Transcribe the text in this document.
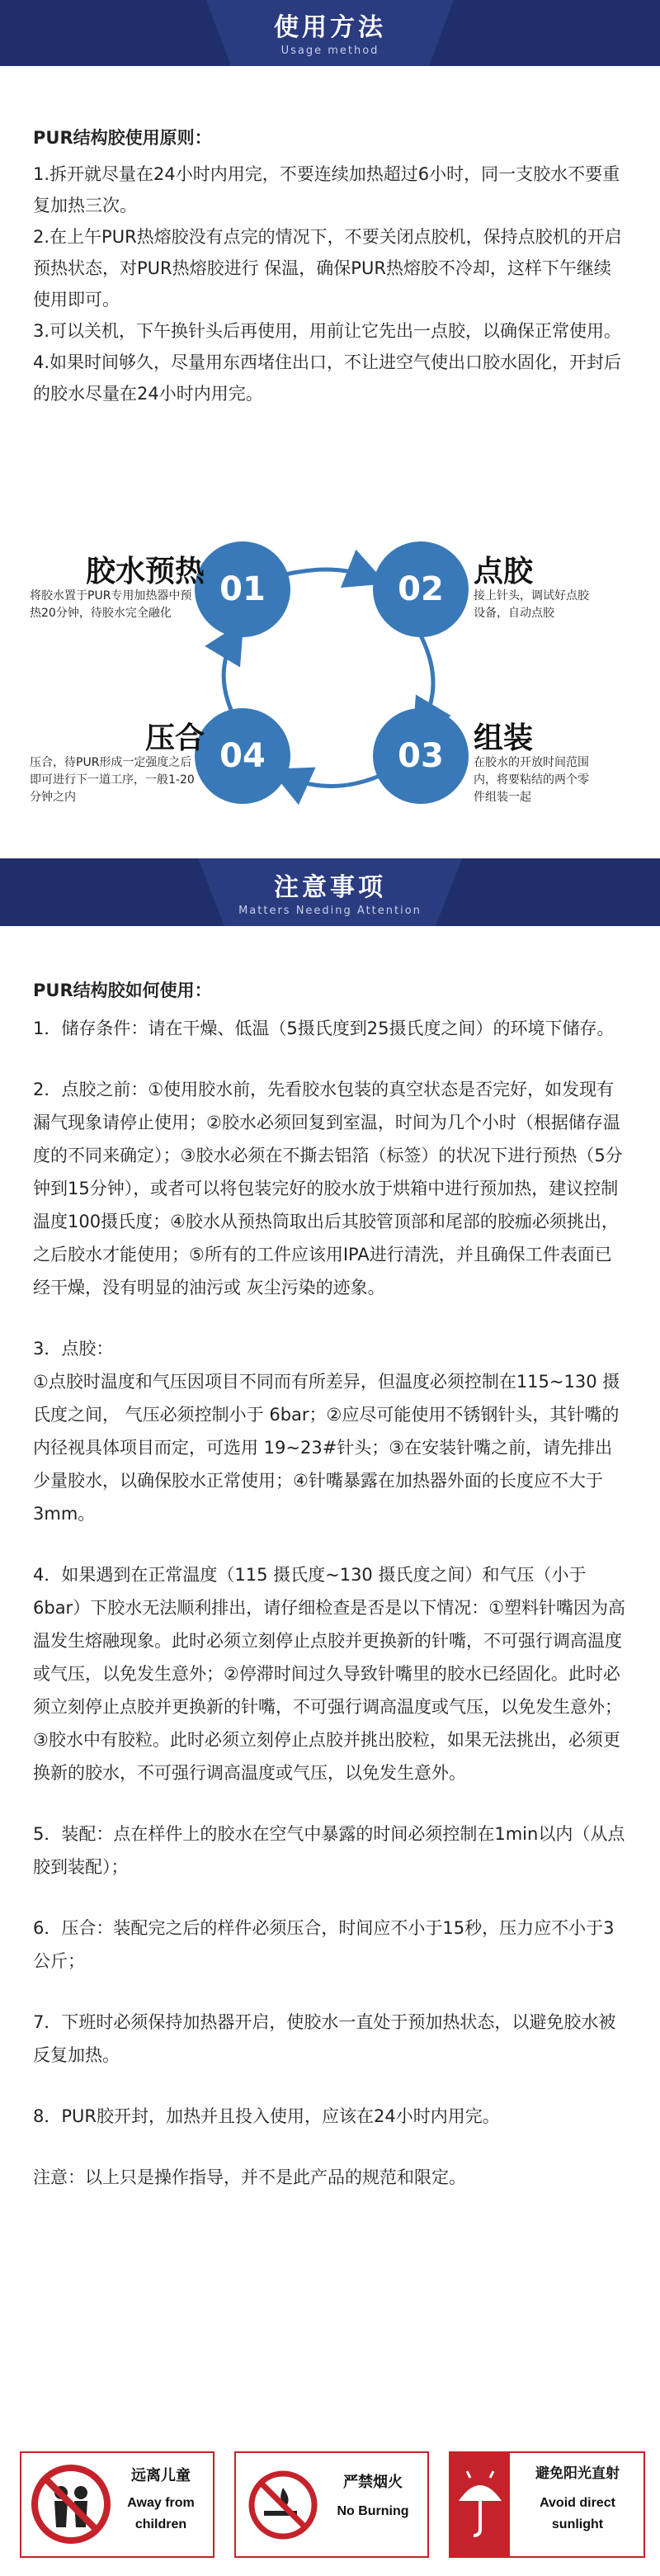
使用方法
Usage method

PUR结构胶使用原则：

1.拆开就尽量在24小时内用完，不要连续加热超过6小时，同一支胶水不要重复加热三次。

2.在上午PUR热熔胶没有点完的情况下，不要关闭点胶机，保持点胶机的开启预热状态，对PUR热熔胶进行 保温，确保PUR热熔胶不冷却，这样下午继续使用即可。

3.可以关机，下午换针头后再使用，用前让它先出一点胶，以确保正常使用。

4.如果时间够久，尽量用东西堵住出口，不让进空气使出口胶水固化，开封后的胶水尽量在24小时内用完。

01	02
03
04
胶水预热
将胶水置于PUR专用加热器中预热20分钟，待胶水完全融化
点胶
接上针头，调试好点胶设备，自动点胶
压合
压合，待PUR形成一定强度之后即可进行下一道工序，一般1-20分钟之内
组装
在胶水的开放时间范围内，将要粘结的两个零件组装一起
注意事项
Matters Needing Attention

PUR结构胶如何使用：

1．储存条件：请在干燥、低温（5摄氏度到25摄氏度之间）的环境下储存。

2．点胶之前：①使用胶水前，先看胶水包装的真空状态是否完好，如发现有漏气现象请停止使用；②胶水必须回复到室温，时间为几个小时（根据储存温度的不同来确定）；③胶水必须在不撕去铝箔（标签）的状况下进行预热（5分钟到15分钟），或者可以将包装完好的胶水放于烘箱中进行预加热，建议控制温度100摄氏度；④胶水从预热筒取出后其胶管顶部和尾部的胶痂必须挑出，之后胶水才能使用；⑤所有的工件应该用IPA进行清洗，并且确保工件表面已经干燥，没有明显的油污或 灰尘污染的迹象。

3．点胶：
①点胶时温度和气压因项目不同而有所差异，但温度必须控制在115~130 摄氏度之间， 气压必须控制小于 6bar；②应尽可能使用不锈钢针头，其针嘴的内径视具体项目而定，可选用 19~23#针头；③在安装针嘴之前，请先排出少量胶水，以确保胶水正常使用；④针嘴暴露在加热器外面的长度应不大于3mm。

4．如果遇到在正常温度（115 摄氏度~130 摄氏度之间）和气压（小于 6bar）下胶水无法顺利排出，请仔细检查是否是以下情况：①塑料针嘴因为高温发生熔融现象。此时必须立刻停止点胶并更换新的针嘴，不可强行调高温度或气压，以免发生意外；②停滞时间过久导致针嘴里的胶水已经固化。此时必须立刻停止点胶并更换新的针嘴，不可强行调高温度或气压，以免发生意外；③胶水中有胶粒。此时必须立刻停止点胶并挑出胶粒，如果无法挑出，必须更换新的胶水，不可强行调高温度或气压，以免发生意外。

5．装配：点在样件上的胶水在空气中暴露的时间必须控制在1min以内（从点胶到装配）；

6．压合：装配完之后的样件必须压合，时间应不小于15秒，压力应不小于3公斤；

7．下班时必须保持加热器开启，使胶水一直处于预加热状态，以避免胶水被反复加热。

8．PUR胶开封，加热并且投入使用，应该在24小时内用完。

注意：以上只是操作指导，并不是此产品的规范和限定。

远离儿童
Away from
children
严禁烟火
No Burning
避免阳光直射
Avoid direct
sunlight
